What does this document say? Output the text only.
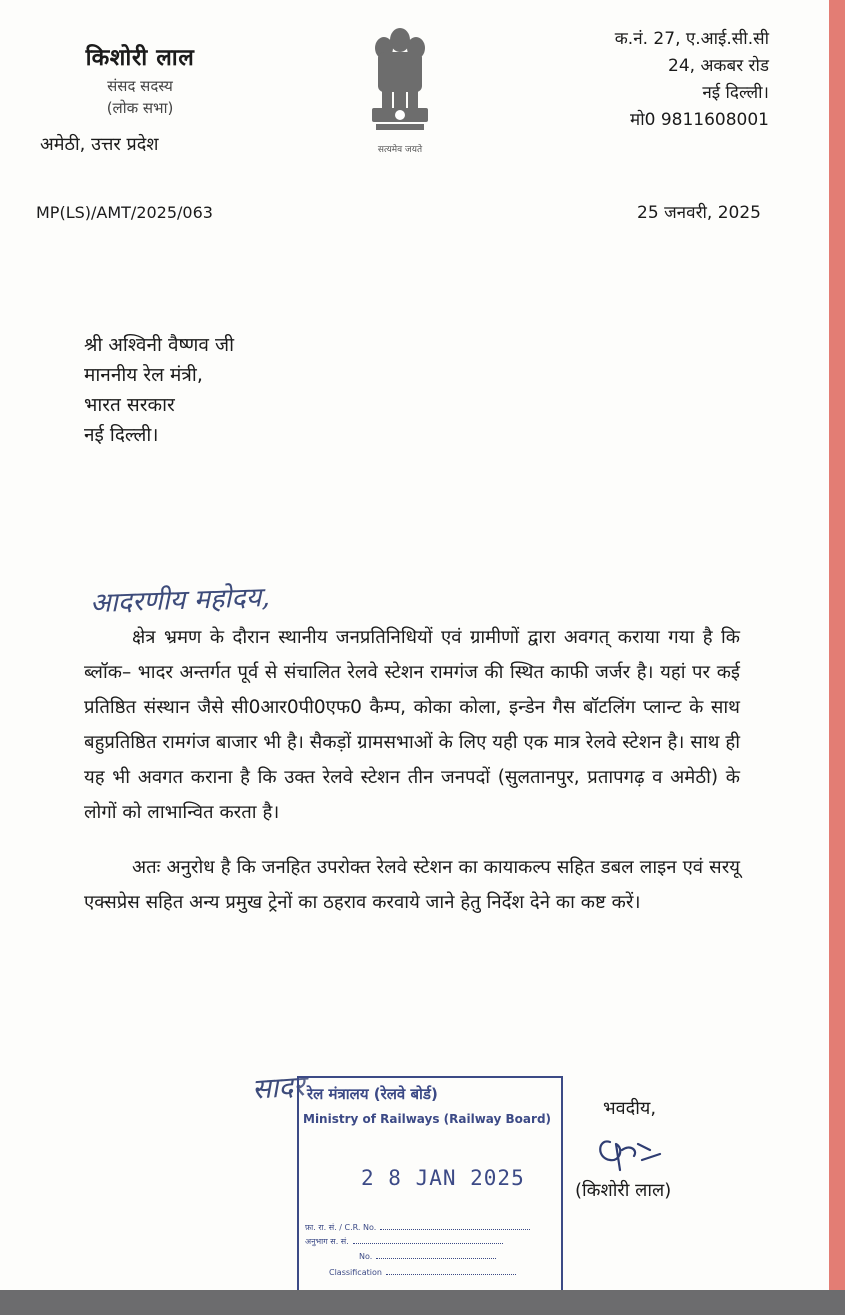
किशोरी लाल
संसद सदस्य
(लोक सभा)
अमेठी, उत्तर प्रदेश	सत्यमेव जयते
क.नं. 27, ए.आई.सी.सी
24, अकबर रोड
नई दिल्ली।
मो0 9811608001
MP(LS)/AMT/2025/063	25 जनवरी, 2025
श्री अश्विनी वैष्णव जी
माननीय रेल मंत्री,
भारत सरकार
नई दिल्ली।
आदरणीय महोदय,

क्षेत्र भ्रमण के दौरान स्थानीय जनप्रतिनिधियों एवं ग्रामीणों द्वारा अवगत् कराया गया है कि ब्लॉक– भादर अन्तर्गत पूर्व से संचालित रेलवे स्टेशन रामगंज की स्थित काफी जर्जर है। यहां पर कई प्रतिष्ठित संस्थान जैसे सी0आर0पी0एफ0 कैम्प, कोका कोला, इन्डेन गैस बॉटलिंग प्लान्ट के साथ बहुप्रतिष्ठित रामगंज बाजार भी है। सैकड़ों ग्रामसभाओं के लिए यही एक मात्र रेलवे स्टेशन है। साथ ही यह भी अवगत कराना है कि उक्त रेलवे स्टेशन तीन जनपदों (सुलतानपुर, प्रतापगढ़ व अमेठी) के लोगों को लाभान्वित करता है।

अतः अनुरोध है कि जनहित उपरोक्त रेलवे स्टेशन का कायाकल्प सहित डबल लाइन एवं सरयू एक्सप्रेस सहित अन्य प्रमुख ट्रेनों का ठहराव करवाये जाने हेतु निर्देश देने का कष्ट करें।

सादर रेल मंत्रालय (रेलवे बोर्ड)
Ministry of Railways (Railway Board)
2 8 JAN 2025
फ़ा. रा. सं. / C.R. No.
अनुभाग स. सं.
No.
Classification
भवदीय,
(किशोरी लाल)
